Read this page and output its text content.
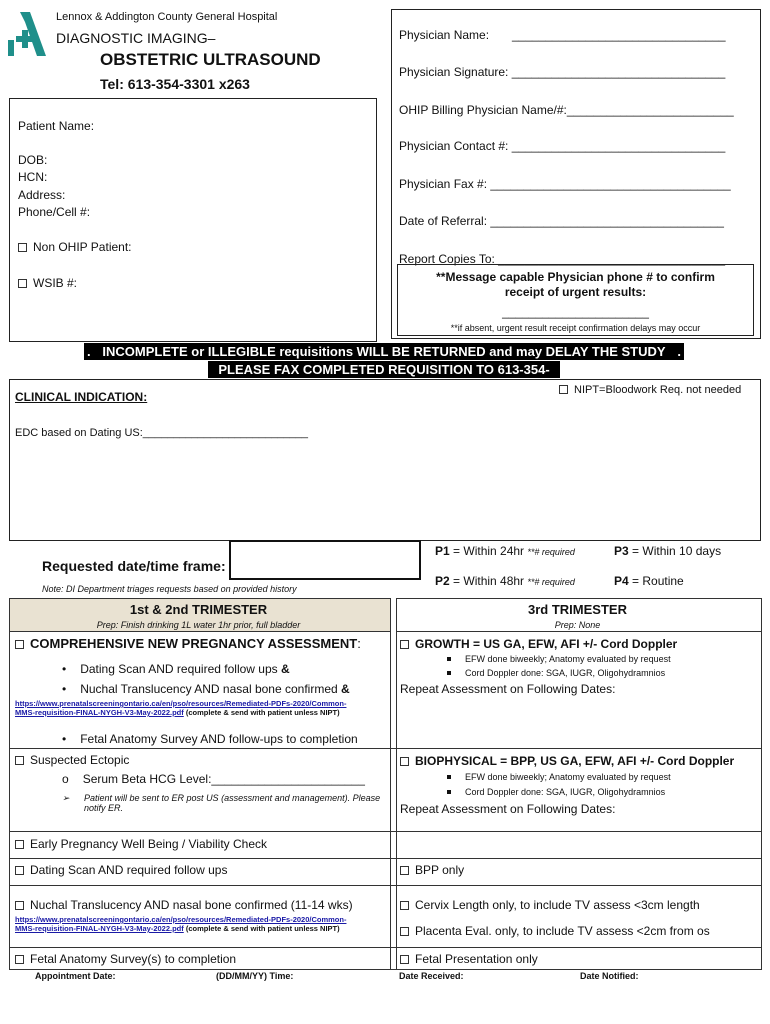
Lennox & Addington County General Hospital
DIAGNOSTIC IMAGING–
OBSTETRIC ULTRASOUND
Tel: 613-354-3301 x263
Patient Name:
DOB:
HCN:
Address:
Phone/Cell #:
Non OHIP Patient:
WSIB #:
Physician Name: ________________________________
Physician Signature: ________________________________
OHIP Billing Physician Name/#:_________________________
Physician Contact #: ________________________________
Physician Fax #: ____________________________________
Date of Referral: ___________________________________
Report Copies To: __________________________________
**Message capable Physician phone # to confirm
receipt of urgent results:
______________________
**if absent, urgent result receipt confirmation delays may occur
. INCOMPLETE or ILLEGIBLE requisitions WILL BE RETURNED and may DELAY THE STUDY .
PLEASE FAX COMPLETED REQUISITION TO 613-354-4331
CLINICAL INDICATION:	NIPT=Bloodwork Req. not needed
EDC based on Dating US:___________________________
Requested date/time frame:
Note: DI Department triages requests based on provided history
P1 = Within 24hr **# required
P2 = Within 48hr **# required
P3 = Within 10 days
P4 = Routine
1st & 2nd TRIMESTER
Prep: Finish drinking 1L water 1hr prior, full bladder
3rd TRIMESTER
Prep: None
COMPREHENSIVE NEW PREGNANCY ASSESSMENT:
• Dating Scan AND required follow ups &
• Nuchal Translucency AND nasal bone confirmed &
https://www.prenatalscreeningontario.ca/en/pso/resources/Remediated-PDFs-2020/Common-
MMS-requisition-FINAL-NYGH-V3-May-2022.pdf (complete & send with patient unless NIPT)
• Fetal Anatomy Survey AND follow-ups to completion
Suspected Ectopic
o Serum Beta HCG Level:_______________________
➢	Patient will be sent to ER post US (assessment and management). Please
notify ER.
Early Pregnancy Well Being / Viability Check
Dating Scan AND required follow ups
Nuchal Translucency AND nasal bone confirmed (11-14 wks)
https://www.prenatalscreeningontario.ca/en/pso/resources/Remediated-PDFs-2020/Common-
MMS-requisition-FINAL-NYGH-V3-May-2022.pdf (complete & send with patient unless NIPT)
Fetal Anatomy Survey(s) to completion
GROWTH = US GA, EFW, AFI +/- Cord Doppler
EFW done biweekly; Anatomy evaluated by request
Cord Doppler done: SGA, IUGR, Oligohydramnios
Repeat Assessment on Following Dates:
BIOPHYSICAL = BPP, US GA, EFW, AFI +/- Cord Doppler
EFW done biweekly; Anatomy evaluated by request
Cord Doppler done: SGA, IUGR, Oligohydramnios
Repeat Assessment on Following Dates:
BPP only
Cervix Length only, to include TV assess <3cm length
Placenta Eval. only, to include TV assess <2cm from os
Fetal Presentation only
Appointment Date:	(DD/MM/YY) Time:	Date Received:	Date Notified:
